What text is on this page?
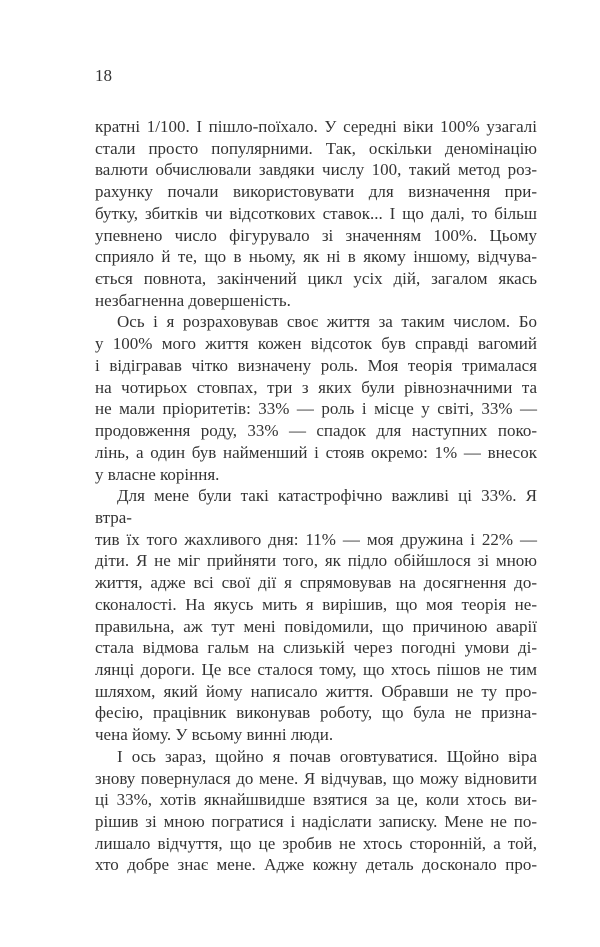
18
кратні 1/100. І пішло-поїхало. У середні віки 100% узагалі
стали просто популярними. Так, оскільки деномінацію
валюти обчислювали завдяки числу 100, такий метод роз-
рахунку почали використовувати для визначення при-
бутку, збитків чи відсоткових ставок... І що далі, то більш
упевнено число фігурувало зі значенням 100%. Цьому
сприяло й те, що в ньому, як ні в якому іншому, відчува-
ється повнота, закінчений цикл усіх дій, загалом якась
незбагненна довершеність.
Ось і я розраховував своє життя за таким числом. Бо
у 100% мого життя кожен відсоток був справді вагомий
і відігравав чітко визначену роль. Моя теорія трималася
на чотирьох стовпах, три з яких були рівнозначними та
не мали пріоритетів: 33% — роль і місце у світі, 33% —
продовження роду, 33% — спадок для наступних поко-
лінь, а один був найменший і стояв окремо: 1% — внесок
у власне коріння.
Для мене були такі катастрофічно важливі ці 33%. Я втра-
тив їх того жахливого дня: 11% — моя дружина і 22% —
діти. Я не міг прийняти того, як підло обійшлося зі мною
життя, адже всі свої дії я спрямовував на досягнення до-
сконалості. На якусь мить я вирішив, що моя теорія не-
правильна, аж тут мені повідомили, що причиною аварії
стала відмова гальм на слизькій через погодні умови ді-
лянці дороги. Це все сталося тому, що хтось пішов не тим
шляхом, який йому написало життя. Обравши не ту про-
фесію, працівник виконував роботу, що була не призна-
чена йому. У всьому винні люди.
І ось зараз, щойно я почав оговтуватися. Щойно віра
знову повернулася до мене. Я відчував, що можу відновити
ці 33%, хотів якнайшвидше взятися за це, коли хтось ви-
рішив зі мною погратися і надіслати записку. Мене не по-
лишало відчуття, що це зробив не хтось сторонній, а той,
хто добре знає мене. Адже кожну деталь досконало про-
